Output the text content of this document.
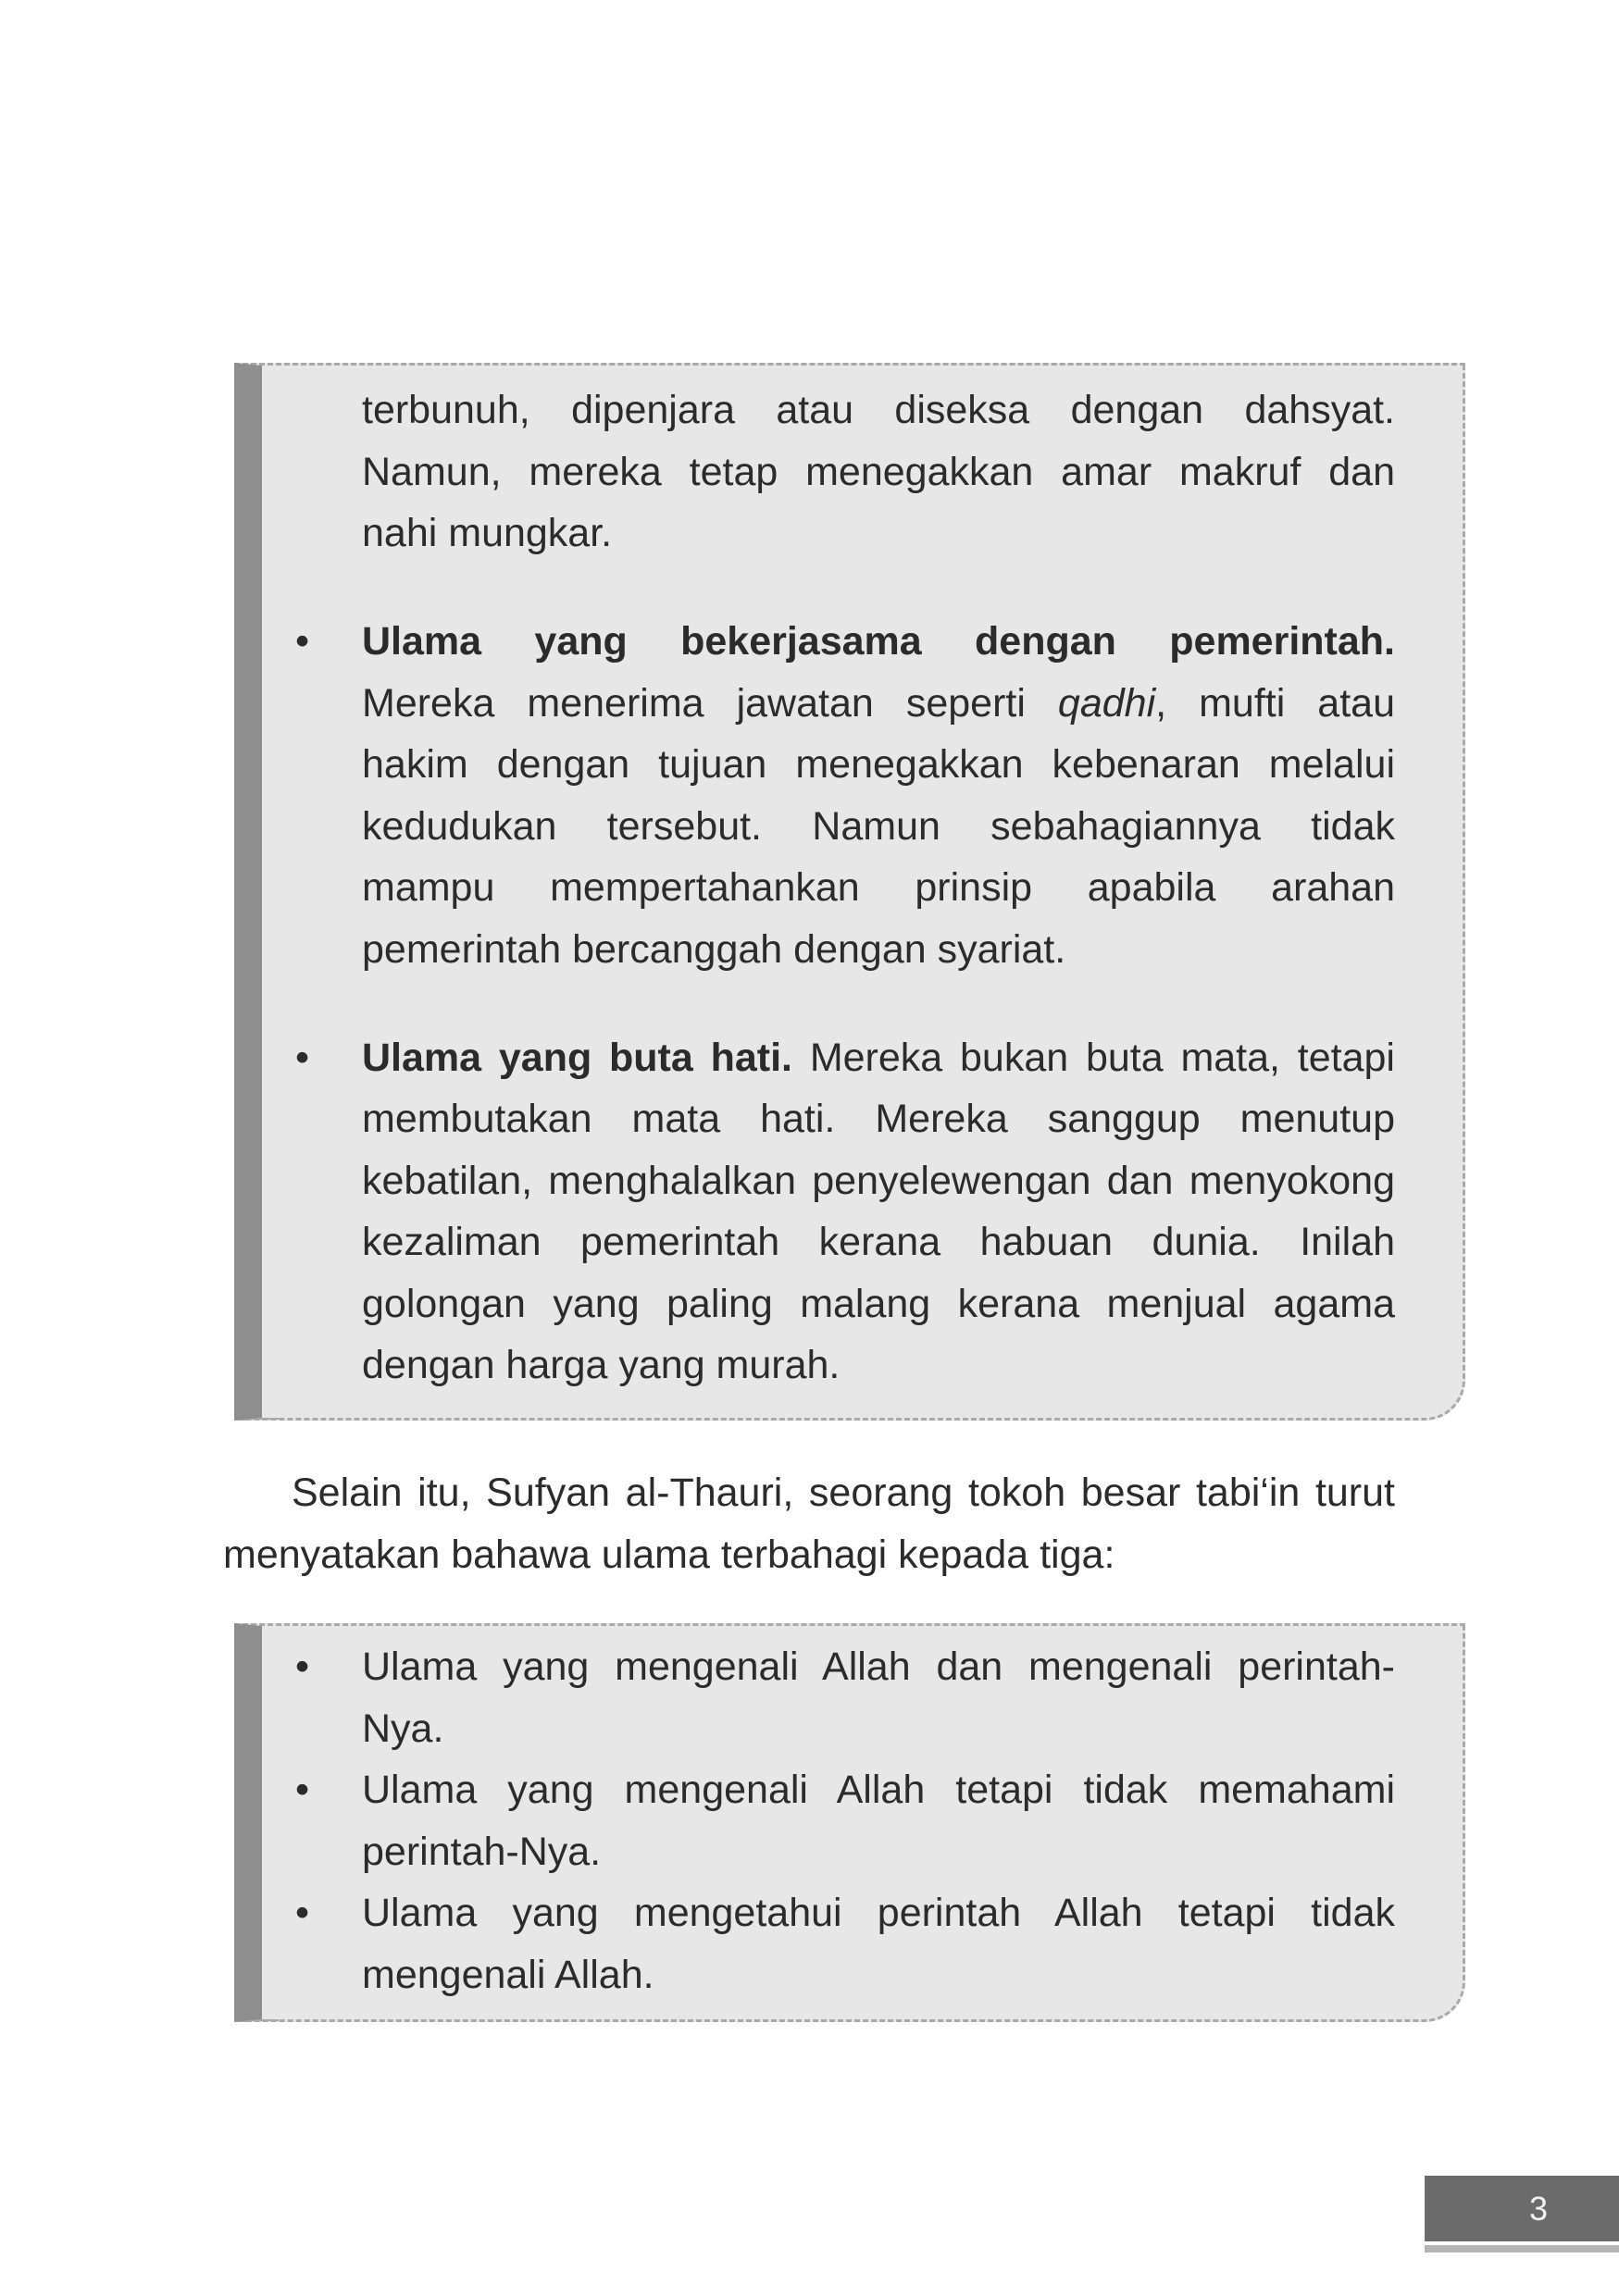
terbunuh, dipenjara atau diseksa dengan dahsyat.
Namun, mereka tetap menegakkan amar makruf dan
nahi mungkar.
• Ulama yang bekerjasama dengan pemerintah.
Mereka menerima jawatan seperti qadhi, mufti atau
hakim dengan tujuan menegakkan kebenaran melalui
kedudukan tersebut. Namun sebahagiannya tidak
mampu mempertahankan prinsip apabila arahan
pemerintah bercanggah dengan syariat.
• Ulama yang buta hati. Mereka bukan buta mata, tetapi
membutakan mata hati. Mereka sanggup menutup
kebatilan, menghalalkan penyelewengan dan menyokong
kezaliman pemerintah kerana habuan dunia. Inilah
golongan yang paling malang kerana menjual agama
dengan harga yang murah.
Selain itu, Sufyan al-Thauri, seorang tokoh besar tabi‘in turut
menyatakan bahawa ulama terbahagi kepada tiga:
• Ulama yang mengenali Allah dan mengenali perintah-
Nya.
• Ulama yang mengenali Allah tetapi tidak memahami
perintah-Nya.
• Ulama yang mengetahui perintah Allah tetapi tidak
mengenali Allah.
3
